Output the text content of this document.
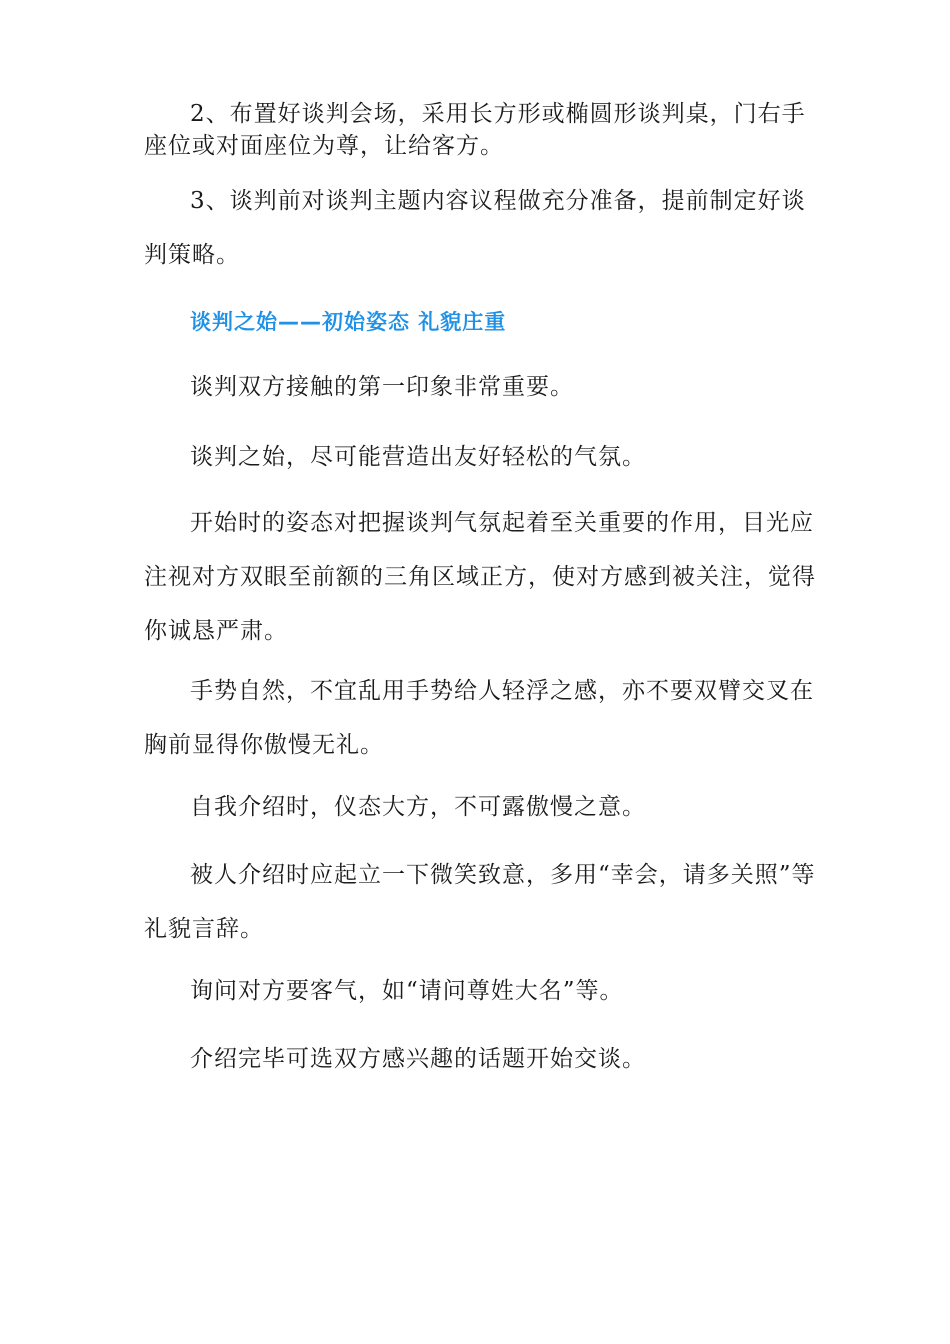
2、布置好谈判会场，采用长方形或椭圆形谈判桌，门右手座位或对面座位为尊，让给客方。

3、谈判前对谈判主题内容议程做充分准备，提前制定好谈判策略。

谈判之始——初始姿态 礼貌庄重

谈判双方接触的第一印象非常重要。

谈判之始，尽可能营造出友好轻松的气氛。

开始时的姿态对把握谈判气氛起着至关重要的作用，目光应注视对方双眼至前额的三角区域正方，使对方感到被关注，觉得你诚恳严肃。

手势自然，不宜乱用手势给人轻浮之感，亦不要双臂交叉在胸前显得你傲慢无礼。

自我介绍时，仪态大方，不可露傲慢之意。

被人介绍时应起立一下微笑致意，多用“幸会，请多关照”等礼貌言辞。

询问对方要客气，如“请问尊姓大名”等。

介绍完毕可选双方感兴趣的话题开始交谈。
